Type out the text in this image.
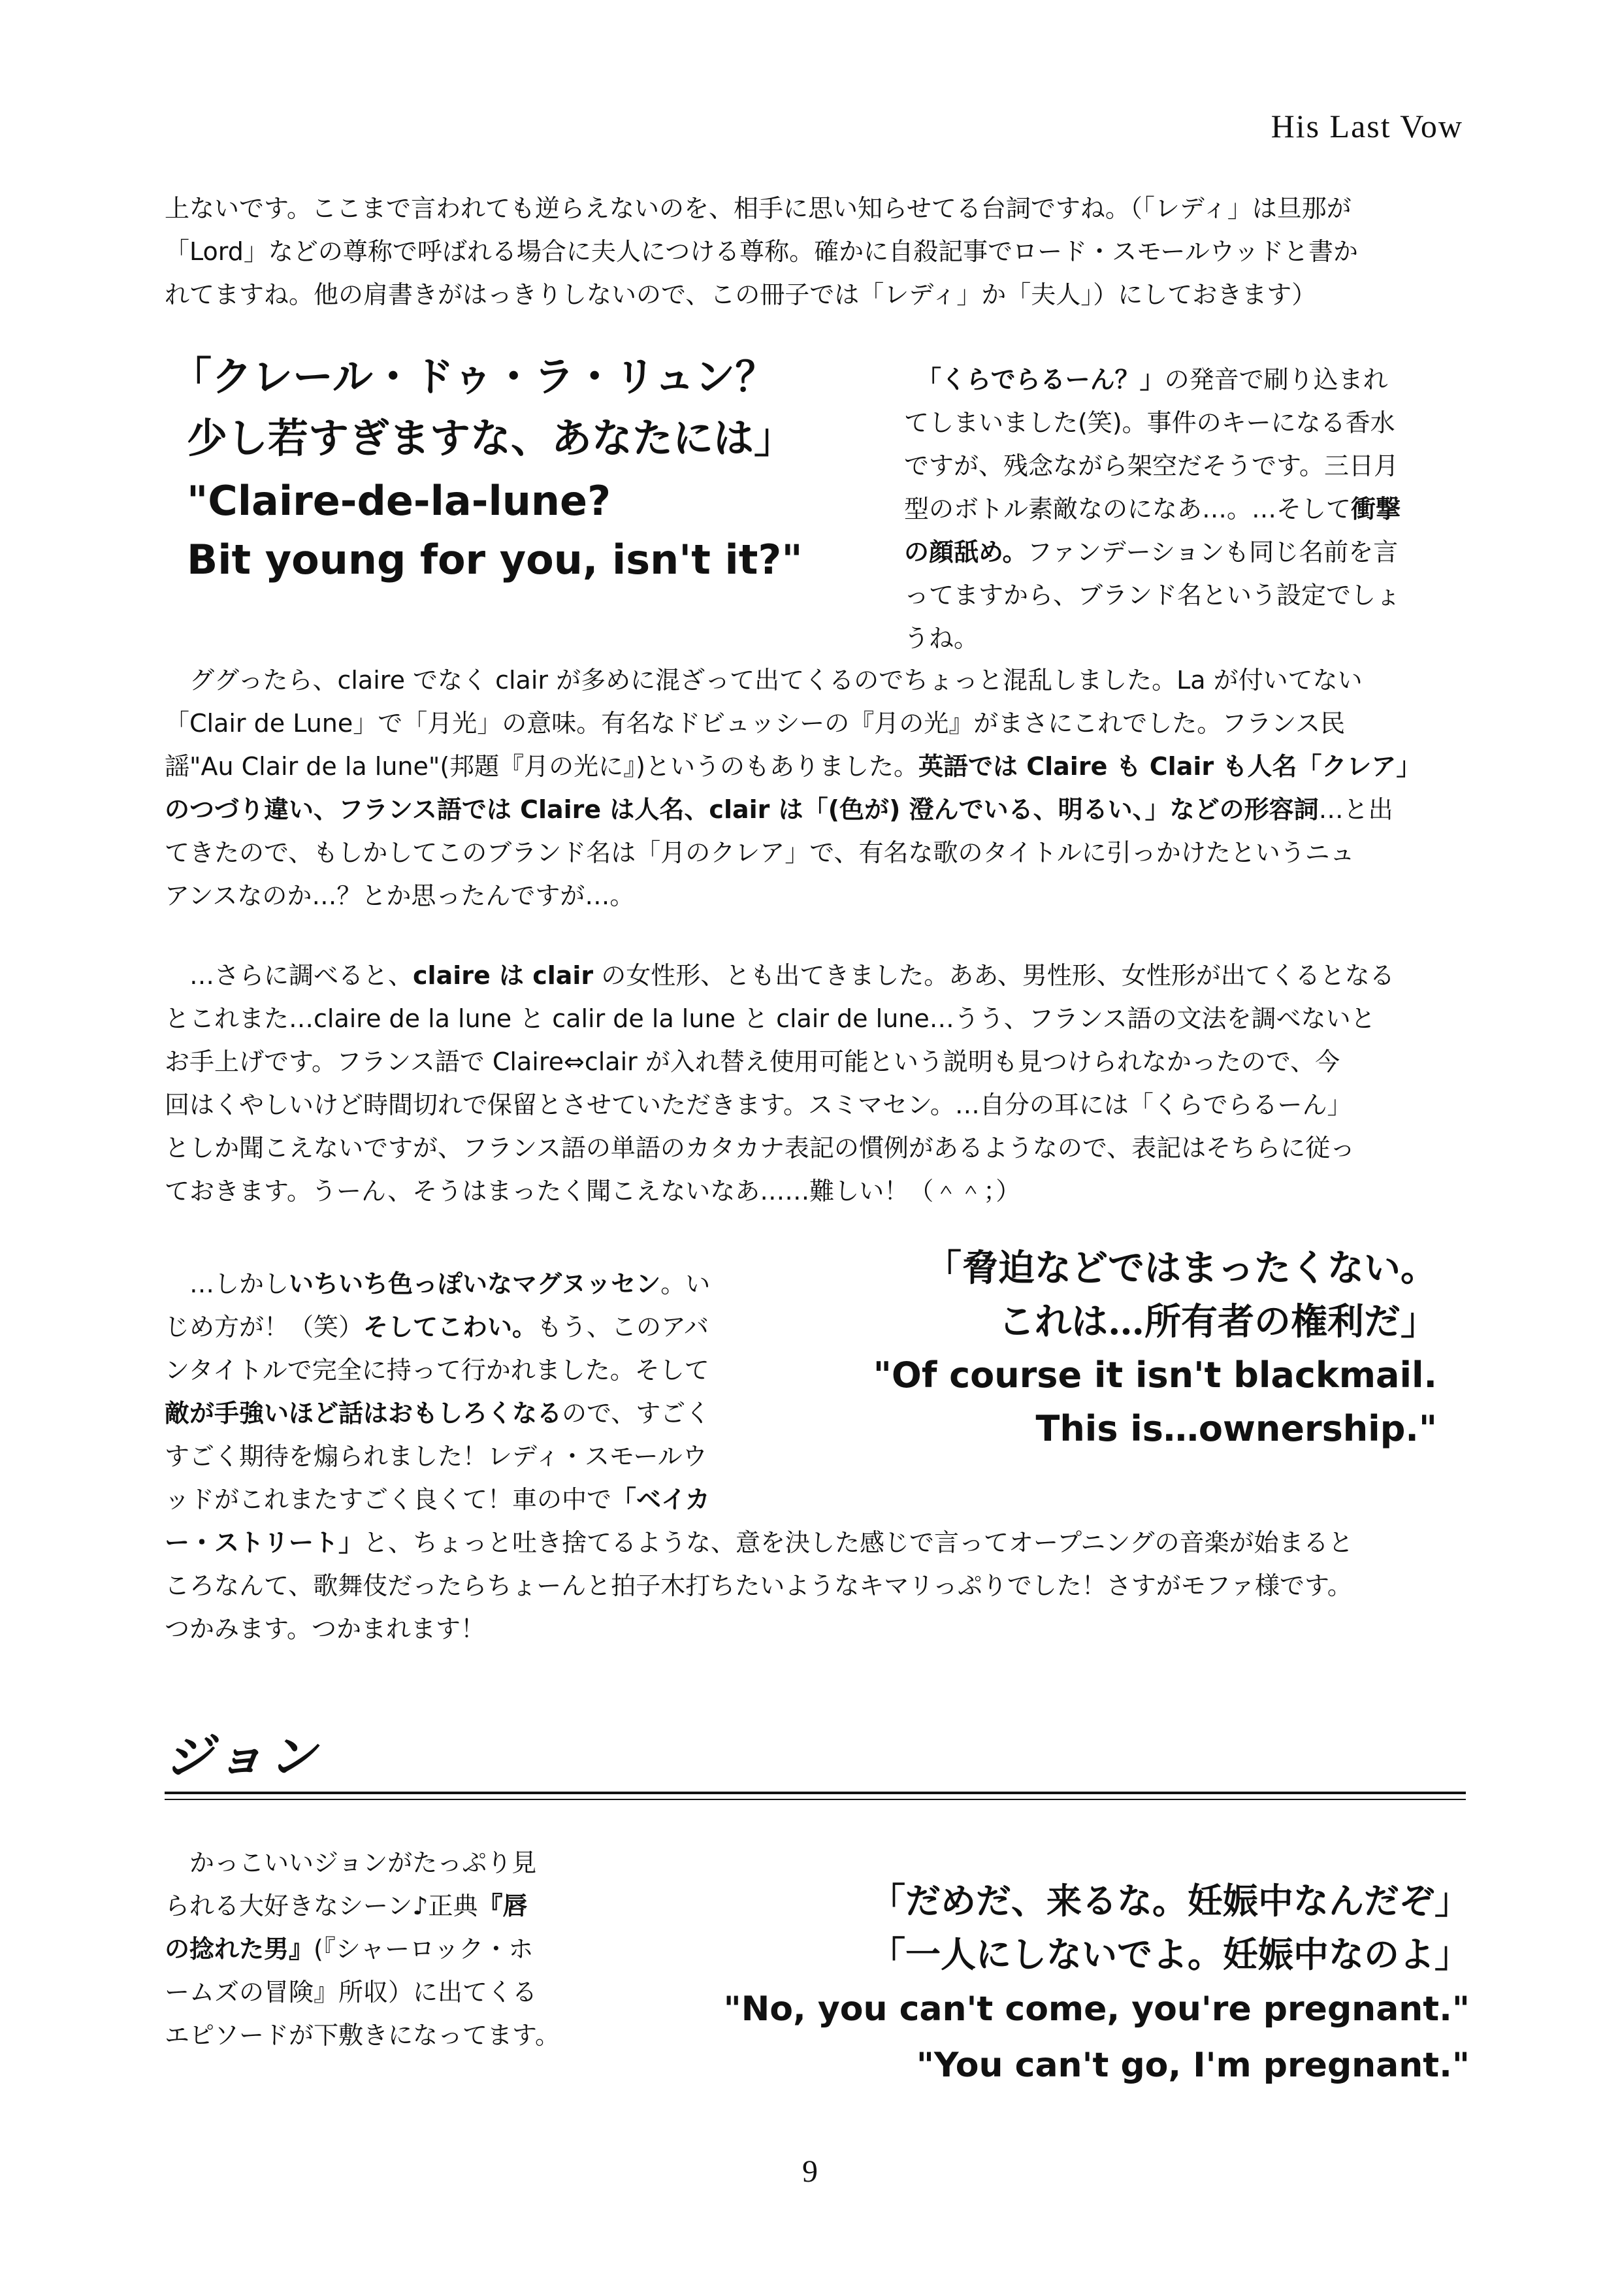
His Last Vow

上ないです。ここまで言われても逆らえないのを、相手に思い知らせてる台詞ですね。（「レディ」は旦那が

「Lord」などの尊称で呼ばれる場合に夫人につける尊称。確かに自殺記事でロード・スモールウッドと書か

れてますね。他の肩書きがはっきりしないので、この冊子では「レディ」か「夫人」）にしておきます）

「クレール・ドゥ・ラ・リュン？

少し若すぎますな、あなたには」

"Claire-de-la-lune?

Bit young for you, isn't it?"

　「くらでらるーん？」の発音で刷り込まれ

てしまいました(笑)。事件のキーになる香水

ですが、残念ながら架空だそうです。三日月

型のボトル素敵なのになあ…。…そして衝撃

の顔舐め。ファンデーションも同じ名前を言

ってますから、ブランド名という設定でしょ

うね。

　ググったら、claire でなく clair が多めに混ざって出てくるのでちょっと混乱しました。La が付いてない

「Clair de Lune」で「月光」の意味。有名なドビュッシーの『月の光』がまさにこれでした。フランス民

謡"Au Clair de la lune"(邦題『月の光に』)というのもありました。英語では Claire も Clair も人名「クレア」

のつづり違い、フランス語では Claire は人名、clair は「(色が) 澄んでいる、明るい、」などの形容詞…と出

てきたので、もしかしてこのブランド名は「月のクレア」で、有名な歌のタイトルに引っかけたというニュ

アンスなのか…？とか思ったんですが…。

　…さらに調べると、claire は clair の女性形、とも出てきました。ああ、男性形、女性形が出てくるとなる

とこれまた…claire de la lune と calir de la lune と clair de lune…うう、フランス語の文法を調べないと

お手上げです。フランス語で Claire⇔clair が入れ替え使用可能という説明も見つけられなかったので、今

回はくやしいけど時間切れで保留とさせていただきます。スミマセン。…自分の耳には「くらでらるーん」

としか聞こえないですが、フランス語の単語のカタカナ表記の慣例があるようなので、表記はそちらに従っ

ておきます。うーん、そうはまったく聞こえないなあ……難しい！（＾＾；）

　…しかしいちいち色っぽいなマグヌッセン。い

じめ方が！（笑）そしてこわい。もう、このアバ

ンタイトルで完全に持って行かれました。そして

敵が手強いほど話はおもしろくなるので、すごく

すごく期待を煽られました！レディ・スモールウ

ッドがこれまたすごく良くて！車の中で「ベイカ

ー・ストリート」と、ちょっと吐き捨てるような、意を決した感じで言ってオープニングの音楽が始まると

ころなんて、歌舞伎だったらちょーんと拍子木打ちたいようなキマリっぷりでした！さすがモファ様です。

つかみます。つかまれます！

「脅迫などではまったくない。

これは…所有者の権利だ」

"Of course it isn't blackmail.

This is…ownership."

ジョン

　かっこいいジョンがたっぷり見

られる大好きなシーン♪正典『唇

の捻れた男』(『シャーロック・ホ

ームズの冒険』所収）に出てくる

エピソードが下敷きになってます。

「だめだ、来るな。妊娠中なんだぞ」

「一人にしないでよ。妊娠中なのよ」

"No, you can't come, you're pregnant."

"You can't go, I'm pregnant."

9
